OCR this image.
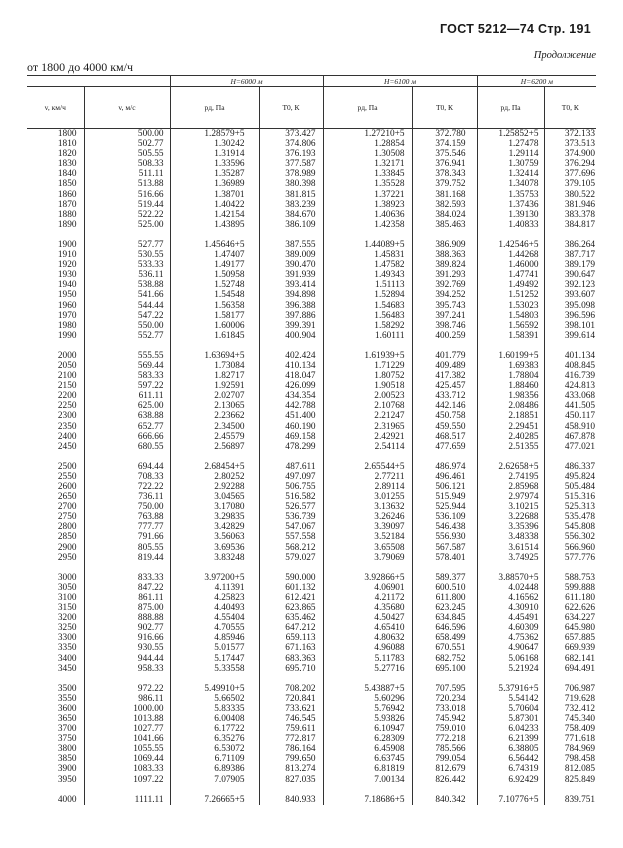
ГОСТ 5212—74 Стр. 191
Продолжение
от 1800 до 4000 км/ч
		H=6000 м		H=6100 м		H=6200 м	
v, км/ч	v, м/с	pд, Па	T0, К	pд, Па	T0, К	pд, Па	T0, К
1800	500.00	1.28579+5	373.427	1.27210+5	372.780	1.25852+5	372.133
1810	502.77	1.30242	374.806	1.28854	374.159	1.27478	373.513
1820	505.55	1.31914	376.193	1.30508	375.546	1.29114	374.900
1830	508.33	1.33596	377.587	1.32171	376.941	1.30759	376.294
1840	511.11	1.35287	378.989	1.33845	378.343	1.32414	377.696
1850	513.88	1.36989	380.398	1.35528	379.752	1.34078	379.105
1860	516.66	1.38701	381.815	1.37221	381.168	1.35753	380.522
1870	519.44	1.40422	383.239	1.38923	382.593	1.37436	381.946
1880	522.22	1.42154	384.670	1.40636	384.024	1.39130	383.378
1890	525.00	1.43895	386.109	1.42358	385.463	1.40833	384.817
1900	527.77	1.45646+5	387.555	1.44089+5	386.909	1.42546+5	386.264
1910	530.55	1.47407	389.009	1.45831	388.363	1.44268	387.717
1920	533.33	1.49177	390.470	1.47582	389.824	1.46000	389.179
1930	536.11	1.50958	391.939	1.49343	391.293	1.47741	390.647
1940	538.88	1.52748	393.414	1.51113	392.769	1.49492	392.123
1950	541.66	1.54548	394.898	1.52894	394.252	1.51252	393.607
1960	544.44	1.56358	396.388	1.54683	395.743	1.53023	395.098
1970	547.22	1.58177	397.886	1.56483	397.241	1.54803	396.596
1980	550.00	1.60006	399.391	1.58292	398.746	1.56592	398.101
1990	552.77	1.61845	400.904	1.60111	400.259	1.58391	399.614
2000	555.55	1.63694+5	402.424	1.61939+5	401.779	1.60199+5	401.134
2050	569.44	1.73084	410.134	1.71229	409.489	1.69383	408.845
2100	583.33	1.82717	418.047	1.80752	417.382	1.78804	416.739
2150	597.22	1.92591	426.099	1.90518	425.457	1.88460	424.813
2200	611.11	2.02707	434.354	2.00523	433.712	1.98356	433.068
2250	625.00	2.13065	442.788	2.10768	442.146	2.08486	441.505
2300	638.88	2.23662	451.400	2.21247	450.758	2.18851	450.117
2350	652.77	2.34500	460.190	2.31965	459.550	2.29451	458.910
2400	666.66	2.45579	469.158	2.42921	468.517	2.40285	467.878
2450	680.55	2.56897	478.299	2.54114	477.659	2.51355	477.021
2500	694.44	2.68454+5	487.611	2.65544+5	486.974	2.62658+5	486.337
2550	708.33	2.80252	497.097	2.77211	496.461	2.74195	495.824
2600	722.22	2.92288	506.755	2.89114	506.121	2.85968	505.484
2650	736.11	3.04565	516.582	3.01255	515.949	2.97974	515.316
2700	750.00	3.17080	526.577	3.13632	525.944	3.10215	525.313
2750	763.88	3.29835	536.739	3.26246	536.109	3.22688	535.478
2800	777.77	3.42829	547.067	3.39097	546.438	3.35396	545.808
2850	791.66	3.56063	557.558	3.52184	556.930	3.48338	556.302
2900	805.55	3.69536	568.212	3.65508	567.587	3.61514	566.960
2950	819.44	3.83248	579.027	3.79069	578.401	3.74925	577.776
3000	833.33	3.97200+5	590.000	3.92866+5	589.377	3.88570+5	588.753
3050	847.22	4.11391	601.132	4.06901	600.510	4.02448	599.888
3100	861.11	4.25823	612.421	4.21172	611.800	4.16562	611.180
3150	875.00	4.40493	623.865	4.35680	623.245	4.30910	622.626
3200	888.88	4.55404	635.462	4.50427	634.845	4.45491	634.227
3250	902.77	4.70555	647.212	4.65410	646.596	4.60309	645.980
3300	916.66	4.85946	659.113	4.80632	658.499	4.75362	657.885
3350	930.55	5.01577	671.163	4.96088	670.551	4.90647	669.939
3400	944.44	5.17447	683.363	5.11783	682.752	5.06168	682.141
3450	958.33	5.33558	695.710	5.27716	695.100	5.21924	694.491
3500	972.22	5.49910+5	708.202	5.43887+5	707.595	5.37916+5	706.987
3550	986.11	5.66502	720.841	5.60296	720.234	5.54142	719.628
3600	1000.00	5.83335	733.621	5.76942	733.018	5.70604	732.412
3650	1013.88	6.00408	746.545	5.93826	745.942	5.87301	745.340
3700	1027.77	6.17722	759.611	6.10947	759.010	6.04233	758.409
3750	1041.66	6.35276	772.817	6.28309	772.218	6.21399	771.618
3800	1055.55	6.53072	786.164	6.45908	785.566	6.38805	784.969
3850	1069.44	6.71109	799.650	6.63745	799.054	6.56442	798.458
3900	1083.33	6.89386	813.274	6.81819	812.679	6.74319	812.085
3950	1097.22	7.07905	827.035	7.00134	826.442	6.92429	825.849
4000	1111.11	7.26665+5	840.933	7.18686+5	840.342	7.10776+5	839.751
